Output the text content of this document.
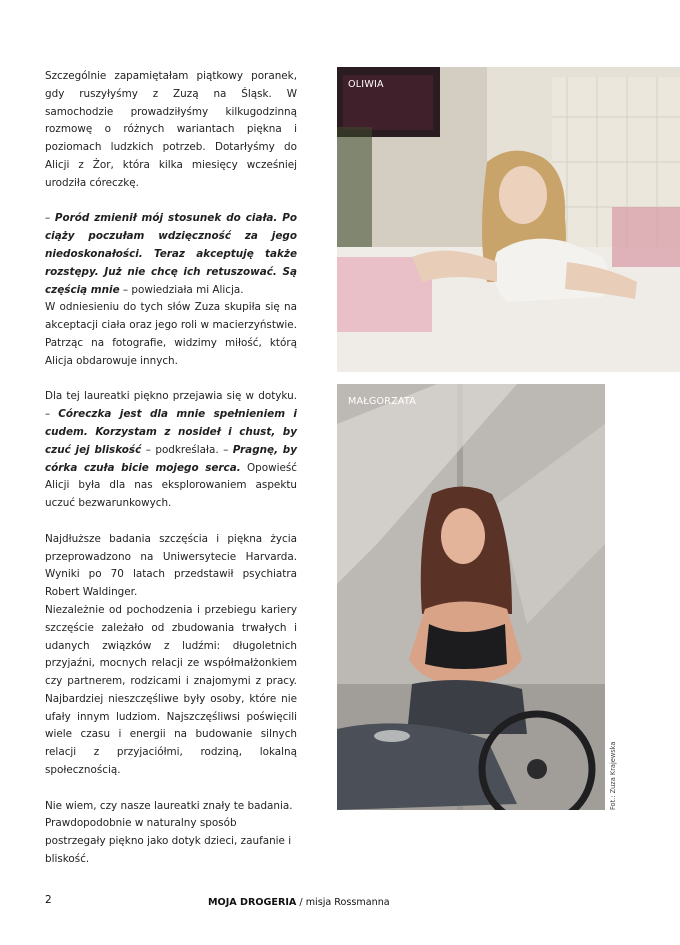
Szczególnie zapamiętałam piątkowy poranek, gdy ruszyłyśmy z Zuzą na Śląsk. W samochodzie prowadziłyśmy kilkugodzinną rozmowę o różnych wariantach piękna i poziomach ludzkich potrzeb. Dotarłyśmy do Alicji z Żor, która kilka miesięcy wcześniej urodziła córeczkę.

– Poród zmienił mój stosunek do ciała. Po ciąży poczułam wdzięczność za jego niedoskonałości. Teraz akceptuję także rozstępy. Już nie chcę ich retuszować. Są częścią mnie – powiedziała mi Alicja.

W odniesieniu do tych słów Zuza skupiła się na akceptacji ciała oraz jego roli w macierzyństwie. Patrząc na fotografie, widzimy miłość, którą Alicja obdarowuje innych.

Dla tej laureatki piękno przejawia się w dotyku. – Córeczka jest dla mnie spełnieniem i cudem. Korzystam z nosideł i chust, by czuć jej bliskość – podkreślała. – Pragnę, by córka czuła bicie mojego serca. Opowieść Alicji była dla nas eksplorowaniem aspektu uczuć bezwarunkowych.

Najdłuższe badania szczęścia i piękna życia przeprowadzono na Uniwersytecie Harvarda. Wyniki po 70 latach przedstawił psychiatra Robert Waldinger.

Niezależnie od pochodzenia i przebiegu kariery szczęście zależało od zbudowania trwałych i udanych związków z ludźmi: długoletnich przyjaźni, mocnych relacji ze współmałżonkiem czy partnerem, rodzicami i znajomymi z pracy. Najbardziej nieszczęśliwe były osoby, które nie ufały innym ludziom. Najszczęśliwsi poświęcili wiele czasu i energii na budowanie silnych relacji z przyjaciółmi, rodziną, lokalną społecznością.

Nie wiem, czy nasze laureatki znały te badania. Prawdopodobnie w naturalny sposób postrzegały piękno jako dotyk dzieci, zaufanie i bliskość.

OLIWIA
MAŁGORZATA
Fot.: Zuza Krajewska
2	MOJA DROGERIA / misja Rossmanna
